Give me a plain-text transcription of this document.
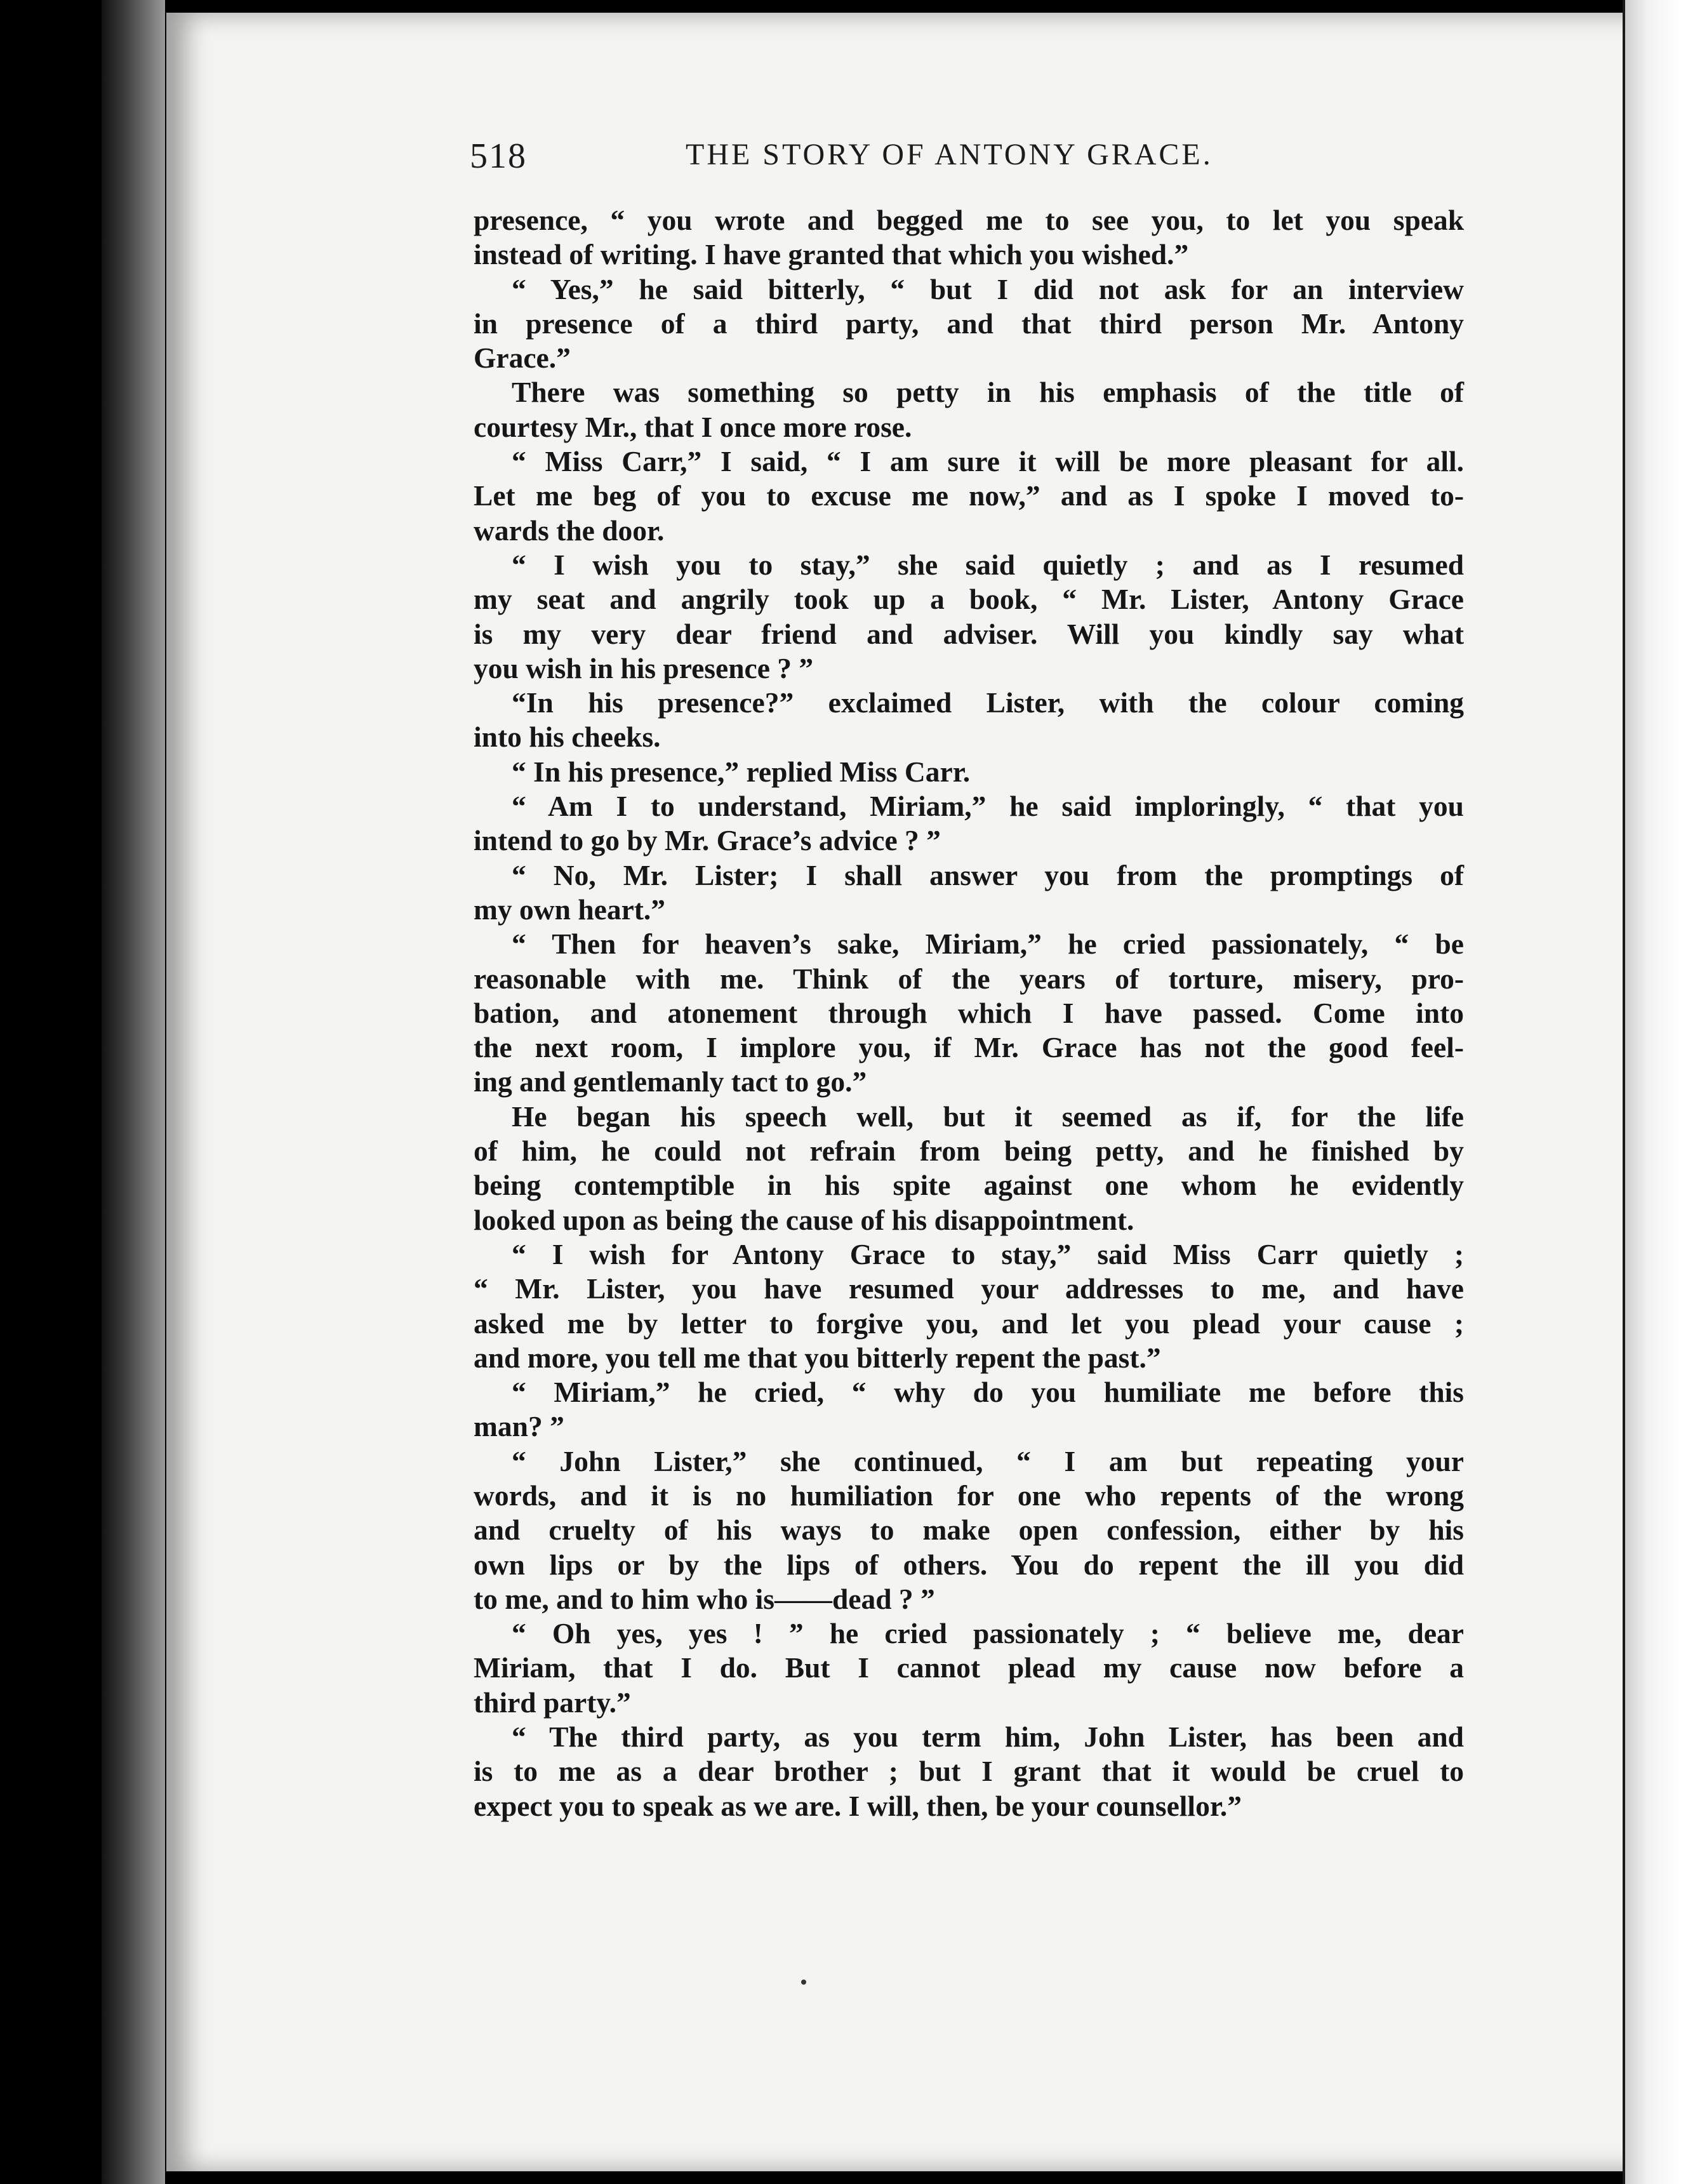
518	THE STORY OF ANTONY GRACE.
presence, “ you wrote and begged me to see you, to let you speak
instead of writing. I have granted that which you wished.”
“ Yes,” he said bitterly, “ but I did not ask for an interview
in presence of a third party, and that third person Mr. Antony
Grace.”
There was something so petty in his emphasis of the title of
courtesy Mr., that I once more rose.
“ Miss Carr,” I said, “ I am sure it will be more pleasant for all.
Let me beg of you to excuse me now,” and as I spoke I moved to-
wards the door.
“ I wish you to stay,” she said quietly ; and as I resumed
my seat and angrily took up a book, “ Mr. Lister, Antony Grace
is my very dear friend and adviser. Will you kindly say what
you wish in his presence ? ”
“In his presence?” exclaimed Lister, with the colour coming
into his cheeks.
“ In his presence,” replied Miss Carr.
“ Am I to understand, Miriam,” he said imploringly, “ that you
intend to go by Mr. Grace’s advice ? ”
“ No, Mr. Lister; I shall answer you from the promptings of
my own heart.”
“ Then for heaven’s sake, Miriam,” he cried passionately, “ be
reasonable with me. Think of the years of torture, misery, pro-
bation, and atonement through which I have passed. Come into
the next room, I implore you, if Mr. Grace has not the good feel-
ing and gentlemanly tact to go.”
He began his speech well, but it seemed as if, for the life
of him, he could not refrain from being petty, and he finished by
being contemptible in his spite against one whom he evidently
looked upon as being the cause of his disappointment.
“ I wish for Antony Grace to stay,” said Miss Carr quietly ;
“ Mr. Lister, you have resumed your addresses to me, and have
asked me by letter to forgive you, and let you plead your cause ;
and more, you tell me that you bitterly repent the past.”
“ Miriam,” he cried, “ why do you humiliate me before this
man? ”
“ John Lister,” she continued, “ I am but repeating your
words, and it is no humiliation for one who repents of the wrong
and cruelty of his ways to make open confession, either by his
own lips or by the lips of others. You do repent the ill you did
to me, and to him who is——dead ? ”
“ Oh yes, yes ! ” he cried passionately ; “ believe me, dear
Miriam, that I do. But I cannot plead my cause now before a
third party.”
“ The third party, as you term him, John Lister, has been and
is to me as a dear brother ; but I grant that it would be cruel to
expect you to speak as we are. I will, then, be your counsellor.”
